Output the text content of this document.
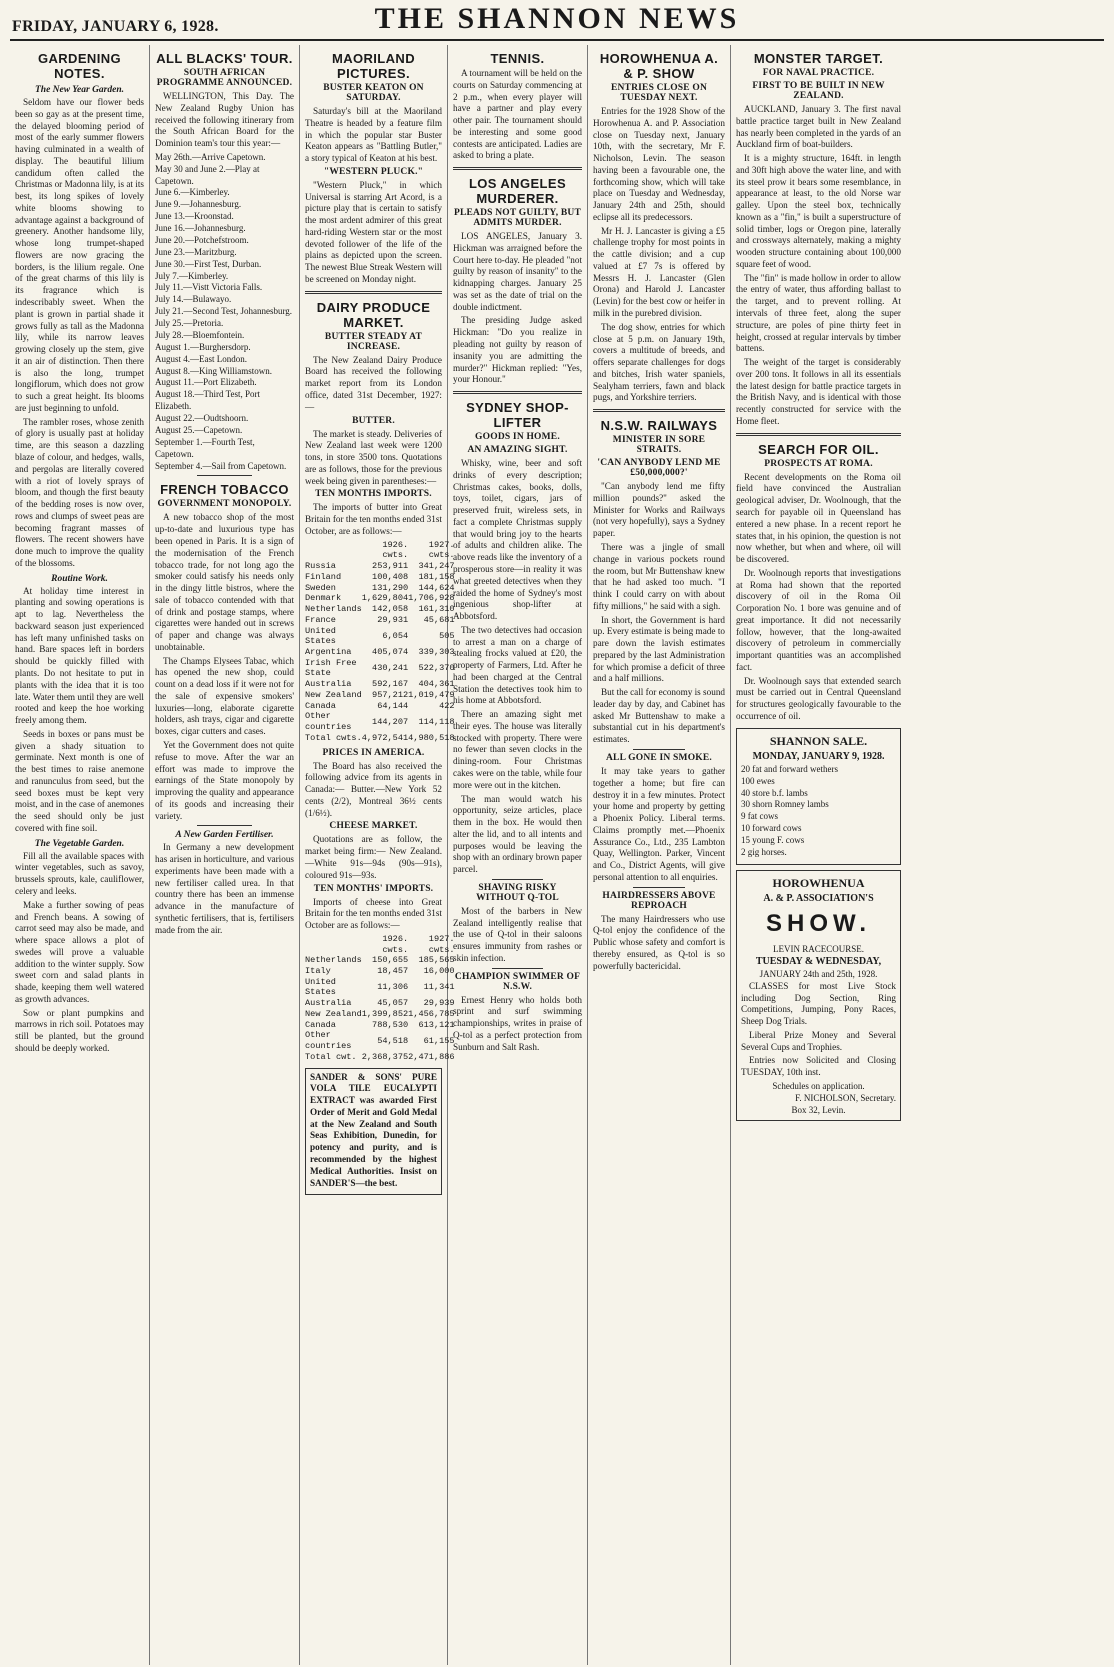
FRIDAY, JANUARY 6, 1928.	THE SHANNON NEWS
GARDENING NOTES.
The New Year Garden.

Seldom have our flower beds been so gay as at the present time, the delayed blooming period of most of the early summer flowers having culminated in a wealth of display. The beautiful lilium candidum often called the Christmas or Madonna lily, is at its best, its long spikes of lovely white blooms showing to advantage against a background of greenery. Another handsome lily, whose long trumpet-shaped flowers are now gracing the borders, is the lilium regale. One of the great charms of this lily is its fragrance which is indescribably sweet. When the plant is grown in partial shade it grows fully as tall as the Madonna lily, while its narrow leaves growing closely up the stem, give it an air of distinction. Then there is also the long, trumpet longiflorum, which does not grow to such a great height. Its blooms are just beginning to unfold.

The rambler roses, whose zenith of glory is usually past at holiday time, are this season a dazzling blaze of colour, and hedges, walls, and pergolas are literally covered with a riot of lovely sprays of bloom, and though the first beauty of the bedding roses is now over, rows and clumps of sweet peas are becoming fragrant masses of flowers. The recent showers have done much to improve the quality of the blossoms.

Routine Work.

At holiday time interest in planting and sowing operations is apt to lag. Nevertheless the backward season just experienced has left many unfinished tasks on hand. Bare spaces left in borders should be quickly filled with plants. Do not hesitate to put in plants with the idea that it is too late. Water them until they are well rooted and keep the hoe working freely among them.

Seeds in boxes or pans must be given a shady situation to germinate. Next month is one of the best times to raise anemone and ranunculus from seed, but the seed boxes must be kept very moist, and in the case of anemones the seed should only be just covered with fine soil.

The Vegetable Garden.

Fill all the available spaces with winter vegetables, such as savoy, brussels sprouts, kale, cauliflower, celery and leeks.

Make a further sowing of peas and French beans. A sowing of carrot seed may also be made, and where space allows a plot of swedes will prove a valuable addition to the winter supply. Sow sweet corn and salad plants in shade, keeping them well watered as growth advances.

Sow or plant pumpkins and marrows in rich soil. Potatoes may still be planted, but the ground should be deeply worked.

ALL BLACKS' TOUR.
SOUTH AFRICAN PROGRAMME ANNOUNCED.

WELLINGTON, This Day. The New Zealand Rugby Union has received the following itinerary from the South African Board for the Dominion team's tour this year:—

May 26th.—Arrive Capetown.
May 30 and June 2.—Play at Capetown.
June 6.—Kimberley.
June 9.—Johannesburg.
June 13.—Kroonstad.
June 16.—Johannesburg.
June 20.—Potchefstroom.
June 23.—Maritzburg.
June 30.—First Test, Durban.
July 7.—Kimberley.
July 11.—Vistt Victoria Falls.
July 14.—Bulawayo.
July 21.—Second Test, Johannesburg.
July 25.—Pretoria.
July 28.—Bloemfontein.
August 1.—Burghersdorp.
August 4.—East London.
August 8.—King Williamstown.
August 11.—Port Elizabeth.
August 18.—Third Test, Port Elizabeth.
August 22.—Oudtshoorn.
August 25.—Capetown.
September 1.—Fourth Test, Capetown.
September 4.—Sail from Capetown.
FRENCH TOBACCO
GOVERNMENT MONOPOLY.

A new tobacco shop of the most up-to-date and luxurious type has been opened in Paris. It is a sign of the modernisation of the French tobacco trade, for not long ago the smoker could satisfy his needs only in the dingy little bistros, where the sale of tobacco contended with that of drink and postage stamps, where cigarettes were handed out in screws of paper and change was always unobtainable.

The Champs Elysees Tabac, which has opened the new shop, could count on a dead loss if it were not for the sale of expensive smokers' luxuries—long, elaborate cigarette holders, ash trays, cigar and cigarette boxes, cigar cutters and cases.

Yet the Government does not quite refuse to move. After the war an effort was made to improve the earnings of the State monopoly by improving the quality and appearance of its goods and increasing their variety.

A New Garden Fertiliser.

In Germany a new development has arisen in horticulture, and various experiments have been made with a new fertiliser called urea. In that country there has been an immense advance in the manufacture of synthetic fertilisers, that is, fertilisers made from the air.

MAORILAND PICTURES.
BUSTER KEATON ON SATURDAY.

Saturday's bill at the Maoriland Theatre is headed by a feature film in which the popular star Buster Keaton appears as "Battling Butler," a story typical of Keaton at his best.

"WESTERN PLUCK."

"Western Pluck," in which Universal is starring Art Acord, is a picture play that is certain to satisfy the most ardent admirer of this great hard-riding Western star or the most devoted follower of the life of the plains as depicted upon the screen. The newest Blue Streak Western will be screened on Monday night.

DAIRY PRODUCE MARKET.
BUTTER STEADY AT INCREASE.

The New Zealand Dairy Produce Board has received the following market report from its London office, dated 31st December, 1927:—

BUTTER.

The market is steady. Deliveries of New Zealand last week were 1200 tons, in store 3500 tons. Quotations are as follows, those for the previous week being given in parentheses:—

TEN MONTHS IMPORTS.

The imports of butter into Great Britain for the ten months ended 31st October, are as follows:—

	1926.	1927.
	cwts.	cwts.
Russia	253,911	341,247
Finland	100,408	181,158
Sweden	131,290	144,624
Denmark	1,629,804	1,706,928
Netherlands	142,058	161,310
France	29,931	45,681
United States	6,054	505
Argentina	405,074	339,303
Irish Free State	430,241	522,370
Australia	592,167	404,361
New Zealand	957,212	1,019,479
Canada	64,144	422
Other countries	144,207	114,118
Total cwts.	4,972,541	4,980,518
PRICES IN AMERICA.

The Board has also received the following advice from its agents in Canada:— Butter.—New York 52 cents (2/2), Montreal 36½ cents (1/6½).

CHEESE MARKET.

Quotations are as follow, the market being firm:— New Zealand.—White 91s—94s (90s—91s), coloured 91s—93s.

TEN MONTHS' IMPORTS.

Imports of cheese into Great Britain for the ten months ended 31st October are as follows:—

	1926.	1927.
	cwts.	cwts.
Netherlands	150,655	185,565
Italy	18,457	16,000
United States	11,306	11,341
Australia	45,057	29,939
New Zealand	1,399,852	1,456,785
Canada	788,530	613,121
Other countries	54,518	61,155
Total cwt.	2,368,375	2,471,886

SANDER & SONS' PURE VOLA TILE EUCALYPTI EXTRACT was awarded First Order of Merit and Gold Medal at the New Zealand and South Seas Exhibition, Dunedin, for potency and purity, and is recommended by the highest Medical Authorities. Insist on SANDER'S—the best.

TENNIS.

A tournament will be held on the courts on Saturday commencing at 2 p.m., when every player will have a partner and play every other pair. The tournament should be interesting and some good contests are anticipated. Ladies are asked to bring a plate.

LOS ANGELES MURDERER.
PLEADS NOT GUILTY, BUT ADMITS MURDER.

LOS ANGELES, January 3. Hickman was arraigned before the Court here to-day. He pleaded "not guilty by reason of insanity" to the kidnapping charges. January 25 was set as the date of trial on the double indictment.

The presiding Judge asked Hickman: "Do you realize in pleading not guilty by reason of insanity you are admitting the murder?" Hickman replied: "Yes, your Honour."

SYDNEY SHOP-LIFTER
GOODS IN HOME.
AN AMAZING SIGHT.

Whisky, wine, beer and soft drinks of every description; Christmas cakes, books, dolls, toys, toilet, cigars, jars of preserved fruit, wireless sets, in fact a complete Christmas supply that would bring joy to the hearts of adults and children alike. The above reads like the inventory of a prosperous store—in reality it was what greeted detectives when they raided the home of Sydney's most ingenious shop-lifter at Abbotsford.

The two detectives had occasion to arrest a man on a charge of stealing frocks valued at £20, the property of Farmers, Ltd. After he had been charged at the Central Station the detectives took him to his home at Abbotsford.

There an amazing sight met their eyes. The house was literally stocked with property. There were no fewer than seven clocks in the dining-room. Four Christmas cakes were on the table, while four more were out in the kitchen.

The man would watch his opportunity, seize articles, place them in the box. He would then alter the lid, and to all intents and purposes would be leaving the shop with an ordinary brown paper parcel.

SHAVING RISKY WITHOUT Q-TOL

Most of the barbers in New Zealand intelligently realise that the use of Q-tol in their saloons ensures immunity from rashes or skin infection.

CHAMPION SWIMMER OF N.S.W.

Ernest Henry who holds both sprint and surf swimming championships, writes in praise of Q-tol as a perfect protection from Sunburn and Salt Rash.

HOROWHENUA A. & P. SHOW
ENTRIES CLOSE ON TUESDAY NEXT.

Entries for the 1928 Show of the Horowhenua A. and P. Association close on Tuesday next, January 10th, with the secretary, Mr F. Nicholson, Levin. The season having been a favourable one, the forthcoming show, which will take place on Tuesday and Wednesday, January 24th and 25th, should eclipse all its predecessors.

Mr H. J. Lancaster is giving a £5 challenge trophy for most points in the cattle division; and a cup valued at £7 7s is offered by Messrs H. J. Lancaster (Glen Orona) and Harold J. Lancaster (Levin) for the best cow or heifer in milk in the purebred division.

The dog show, entries for which close at 5 p.m. on January 19th, covers a multitude of breeds, and offers separate challenges for dogs and bitches, Irish water spaniels, Sealyham terriers, fawn and black pugs, and Yorkshire terriers.

N.S.W. RAILWAYS
MINISTER IN SORE STRAITS.
'CAN ANYBODY LEND ME £50,000,000?'

"Can anybody lend me fifty million pounds?" asked the Minister for Works and Railways (not very hopefully), says a Sydney paper.

There was a jingle of small change in various pockets round the room, but Mr Buttenshaw knew that he had asked too much. "I think I could carry on with about fifty millions," he said with a sigh.

In short, the Government is hard up. Every estimate is being made to pare down the lavish estimates prepared by the last Administration for which promise a deficit of three and a half millions.

But the call for economy is sound leader day by day, and Cabinet has asked Mr Buttenshaw to make a substantial cut in his department's estimates.

ALL GONE IN SMOKE.

It may take years to gather together a home; but fire can destroy it in a few minutes. Protect your home and property by getting a Phoenix Policy. Liberal terms. Claims promptly met.—Phoenix Assurance Co., Ltd., 235 Lambton Quay, Wellington. Parker, Vincent and Co., District Agents, will give personal attention to all enquiries.

HAIRDRESSERS ABOVE REPROACH

The many Hairdressers who use Q-tol enjoy the confidence of the Public whose safety and comfort is thereby ensured, as Q-tol is so powerfully bactericidal.

MONSTER TARGET.
FOR NAVAL PRACTICE.
FIRST TO BE BUILT IN NEW ZEALAND.

AUCKLAND, January 3. The first naval battle practice target built in New Zealand has nearly been completed in the yards of an Auckland firm of boat-builders.

It is a mighty structure, 164ft. in length and 30ft high above the water line, and with its steel prow it bears some resemblance, in appearance at least, to the old Norse war galley. Upon the steel box, technically known as a "fin," is built a superstructure of solid timber, logs or Oregon pine, laterally and crossways alternately, making a mighty wooden structure containing about 100,000 square feet of wood.

The "fin" is made hollow in order to allow the entry of water, thus affording ballast to the target, and to prevent rolling. At intervals of three feet, along the super structure, are poles of pine thirty feet in height, crossed at regular intervals by timber battens.

The weight of the target is considerably over 200 tons. It follows in all its essentials the latest design for battle practice targets in the British Navy, and is identical with those recently constructed for service with the Home fleet.

SEARCH FOR OIL.
PROSPECTS AT ROMA.

Recent developments on the Roma oil field have convinced the Australian geological adviser, Dr. Woolnough, that the search for payable oil in Queensland has entered a new phase. In a recent report he states that, in his opinion, the question is not now whether, but when and where, oil will be discovered.

Dr. Woolnough reports that investigations at Roma had shown that the reported discovery of oil in the Roma Oil Corporation No. 1 bore was genuine and of great importance. It did not necessarily follow, however, that the long-awaited discovery of petroleum in commercially important quantities was an accomplished fact.

Dr. Woolnough says that extended search must be carried out in Central Queensland for structures geologically favourable to the occurrence of oil.

SHANNON SALE.
MONDAY, JANUARY 9, 1928.
20 fat and forward wethers
100 ewes
40 store b.f. lambs
30 shorn Romney lambs
9 fat cows
10 forward cows
15 young F. cows
2 gig horses.
HOROWHENUA
A. & P. ASSOCIATION'S
SHOW.
LEVIN RACECOURSE.
TUESDAY & WEDNESDAY,
JANUARY 24th and 25th, 1928.

CLASSES for most Live Stock including Dog Section, Ring Competitions, Jumping, Pony Races, Sheep Dog Trials.

Liberal Prize Money and Several Several Cups and Trophies.

Entries now Solicited and Closing TUESDAY, 10th inst.

Schedules on application.
F. NICHOLSON, Secretary.
Box 32, Levin.
